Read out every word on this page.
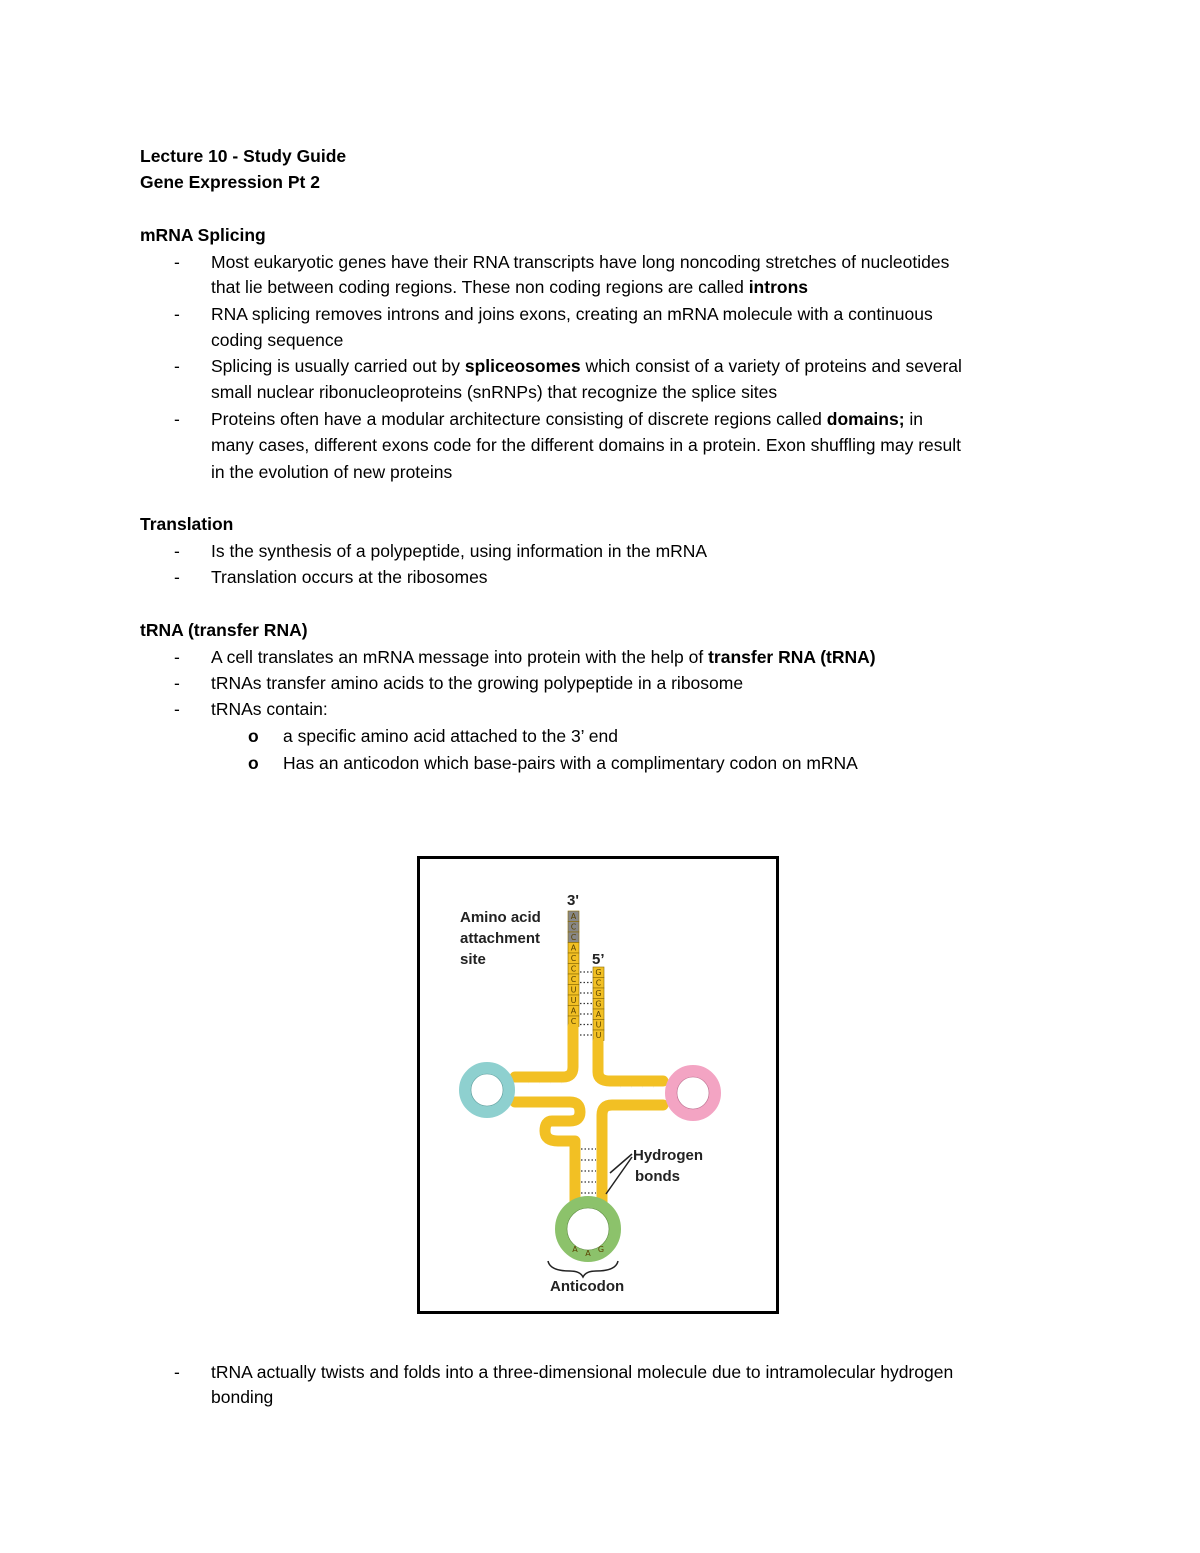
Lecture 10 - Study Guide
Gene Expression Pt 2
mRNA Splicing
- Most eukaryotic genes have their RNA transcripts have long noncoding stretches of nucleotides
that lie between coding regions. These non coding regions are called introns
- RNA splicing removes introns and joins exons, creating an mRNA molecule with a continuous
coding sequence
- Splicing is usually carried out by spliceosomes which consist of a variety of proteins and several
small nuclear ribonucleoproteins (snRNPs) that recognize the splice sites
- Proteins often have a modular architecture consisting of discrete regions called domains; in
many cases, different exons code for the different domains in a protein. Exon shuffling may result
in the evolution of new proteins
Translation
- Is the synthesis of a polypeptide, using information in the mRNA
- Translation occurs at the ribosomes
tRNA (transfer RNA)
- A cell translates an mRNA message into protein with the help of transfer RNA (tRNA)
- tRNAs transfer amino acids to the growing polypeptide in a ribosome
- tRNAs contain:
o a specific amino acid attached to the 3’ end
o Has an anticodon which base-pairs with a complimentary codon on mRNA
A
C
C
A
C
C
C
U
U
A
C
G
C
G
G
A
U
U
A A G
3'
5’
Amino acid
attachment
site
Hydrogen
bonds
Anticodon
- tRNA actually twists and folds into a three-dimensional molecule due to intramolecular hydrogen
bonding
